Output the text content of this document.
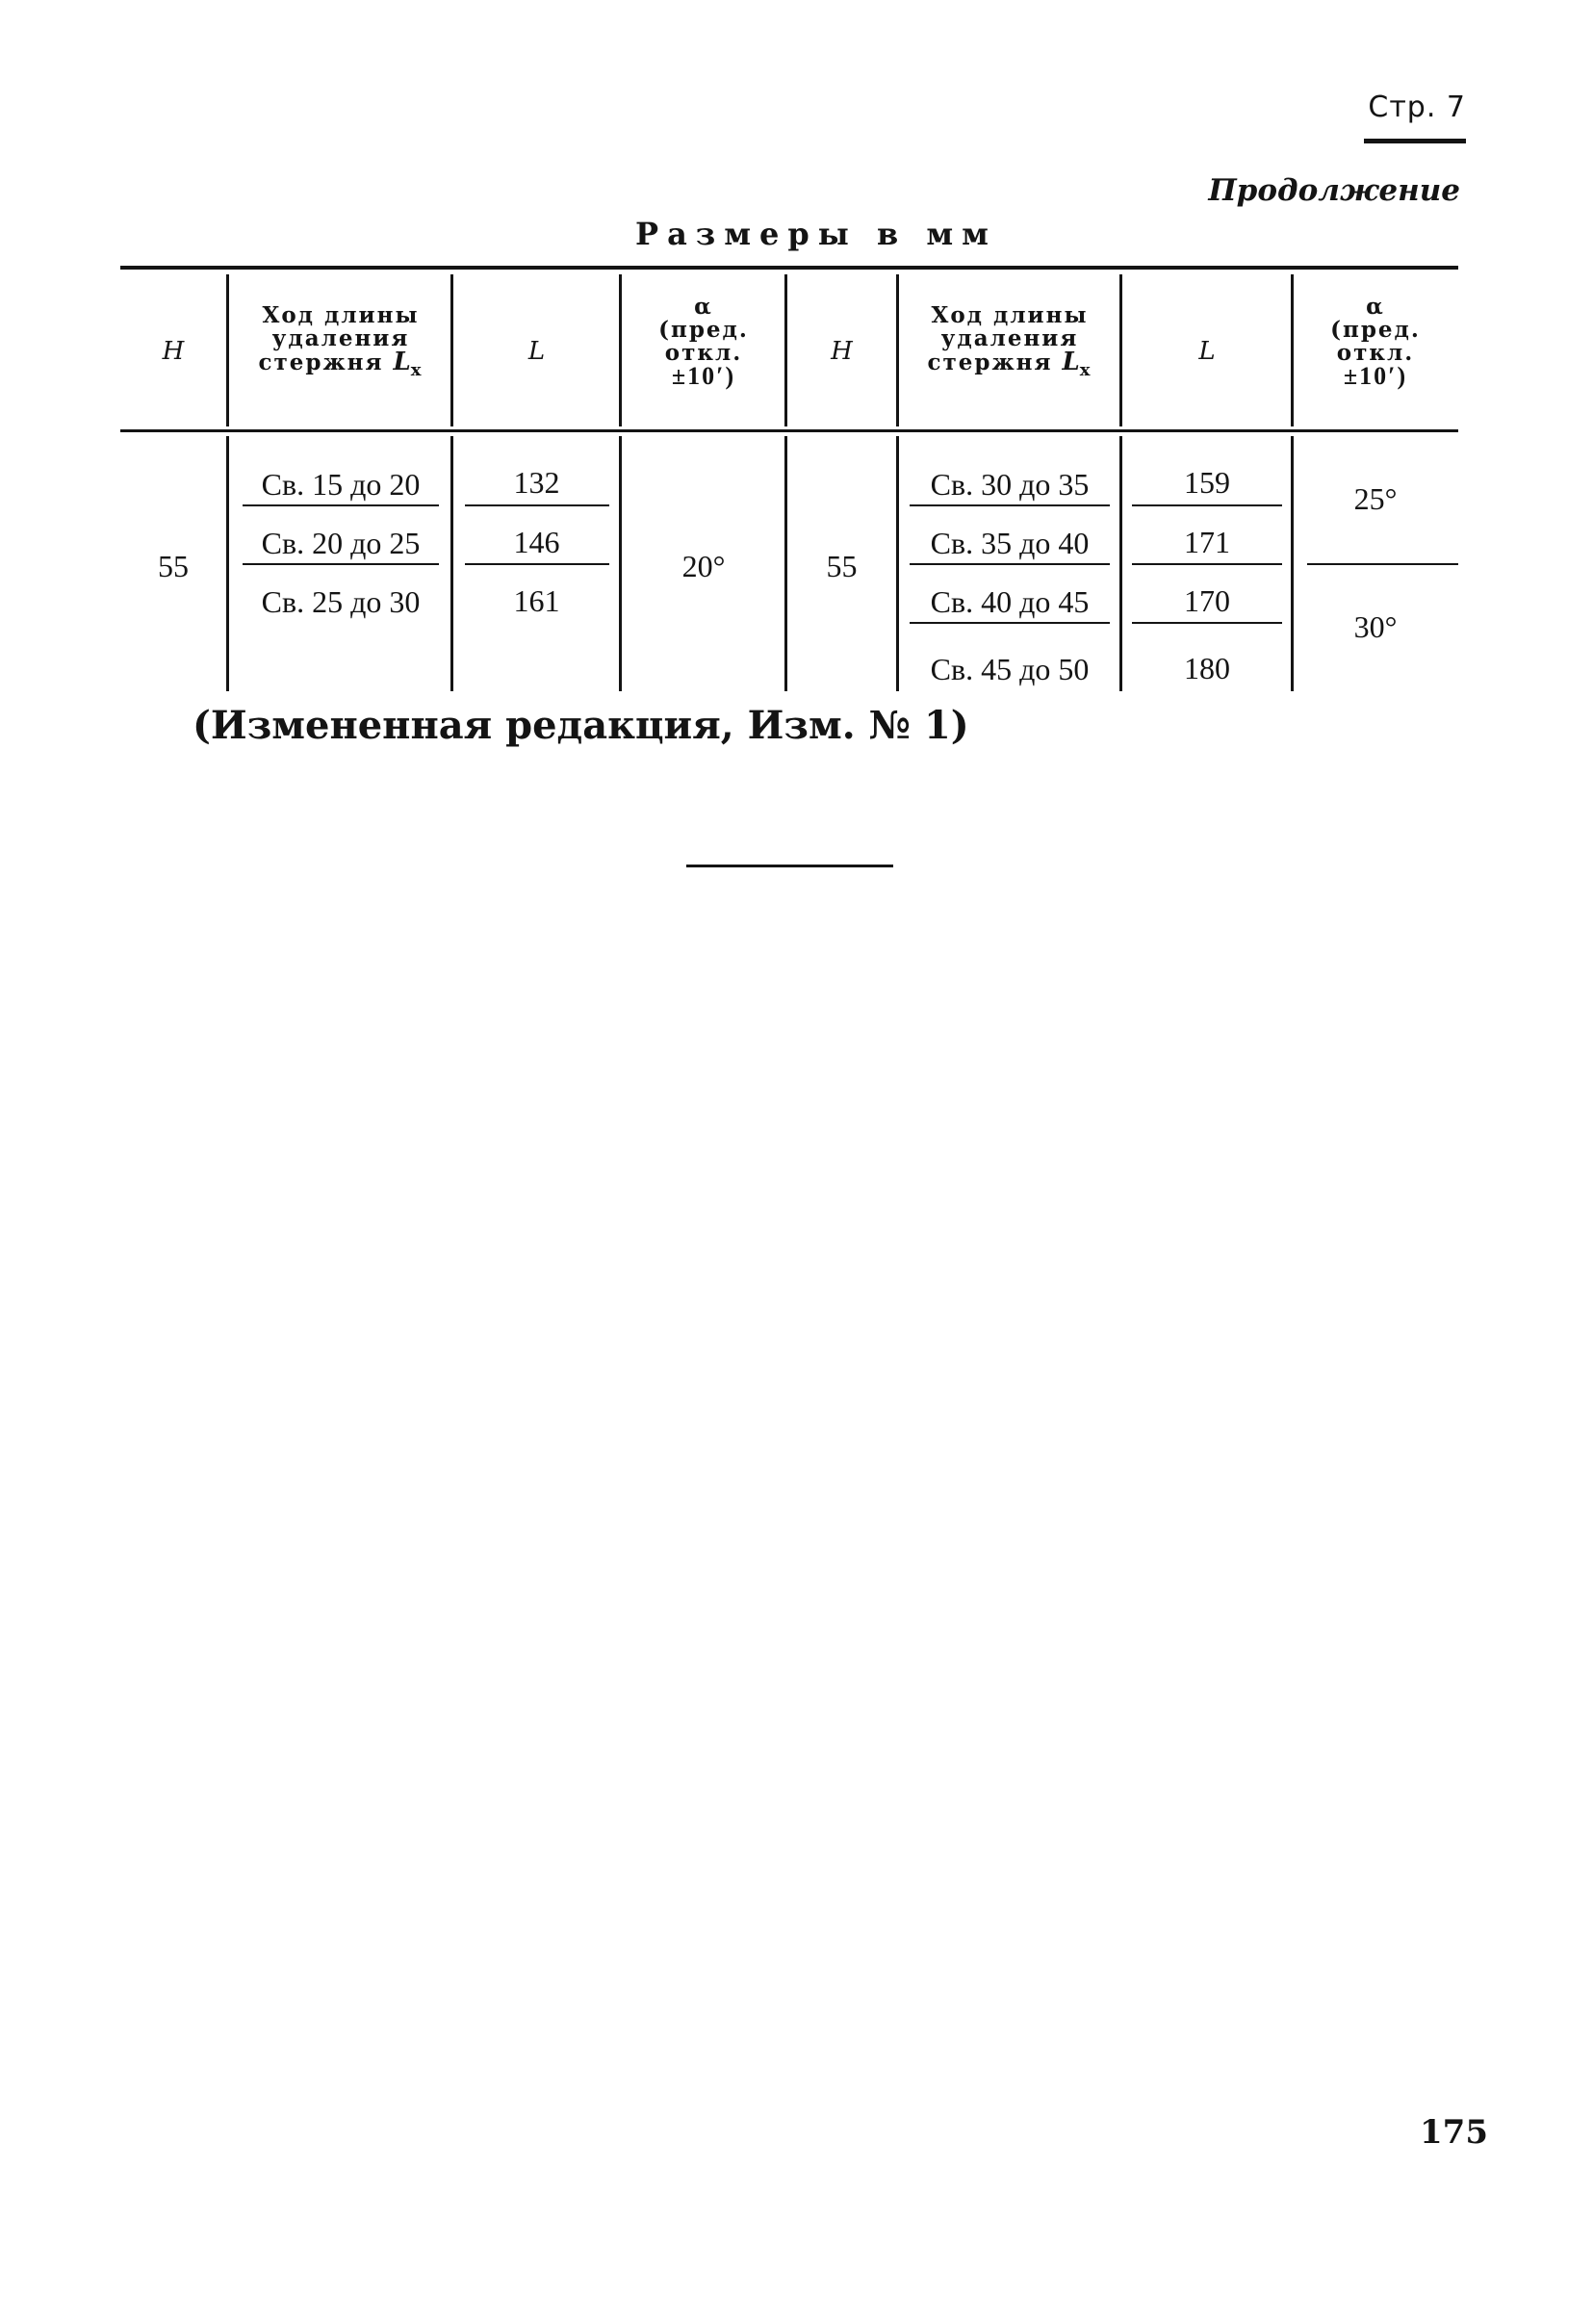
Стр. 7
Продолжение
Размеры в мм
H
Ход длины
удаления
стержня $L_х$
L
α
(пред.
откл.
±10′)
H
Ход длины
удаления
стержня $L_х$
L
α
(пред.
откл.
±10′)
55
Св. 15 до 20
Св. 20 до 25
Св. 25 до 30
132
146
161
20°	55
Св. 30 до 35
Св. 35 до 40
Св. 40 до 45
Св. 45 до 50
159
171
170
180
25°
30°
(Измененная редакция, Изм. № 1)
175
